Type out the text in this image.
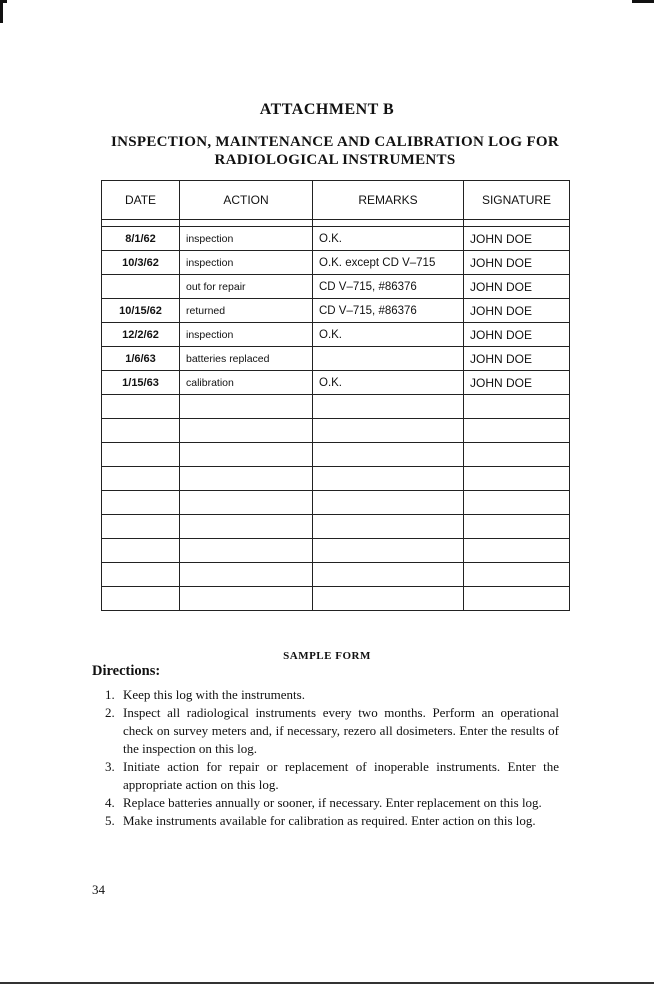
ATTACHMENT B
INSPECTION, MAINTENANCE AND CALIBRATION LOG FOR RADIOLOGICAL INSTRUMENTS
DATE	ACTION	REMARKS	SIGNATURE

8/1/62	inspection	O.K.	JOHN DOE
10/3/62	inspection	O.K. except CD V–715	JOHN DOE
	out for repair	CD V–715, #86376	JOHN DOE
10/15/62	returned	CD V–715, #86376	JOHN DOE
12/2/62	inspection	O.K.	JOHN DOE
1/6/63	batteries replaced		JOHN DOE
1/15/63	calibration	O.K.	JOHN DOE

SAMPLE FORM
Directions:
1. Keep this log with the instruments.
2. Inspect all radiological instruments every two months. Perform an operational check on survey meters and, if necessary, rezero all dosimeters. Enter the results of the inspection on this log.
3. Initiate action for repair or replacement of inoperable instruments. Enter the appropriate action on this log.
4. Replace batteries annually or sooner, if necessary. Enter replacement on this log.
5. Make instruments available for calibration as required. Enter action on this log.
34
